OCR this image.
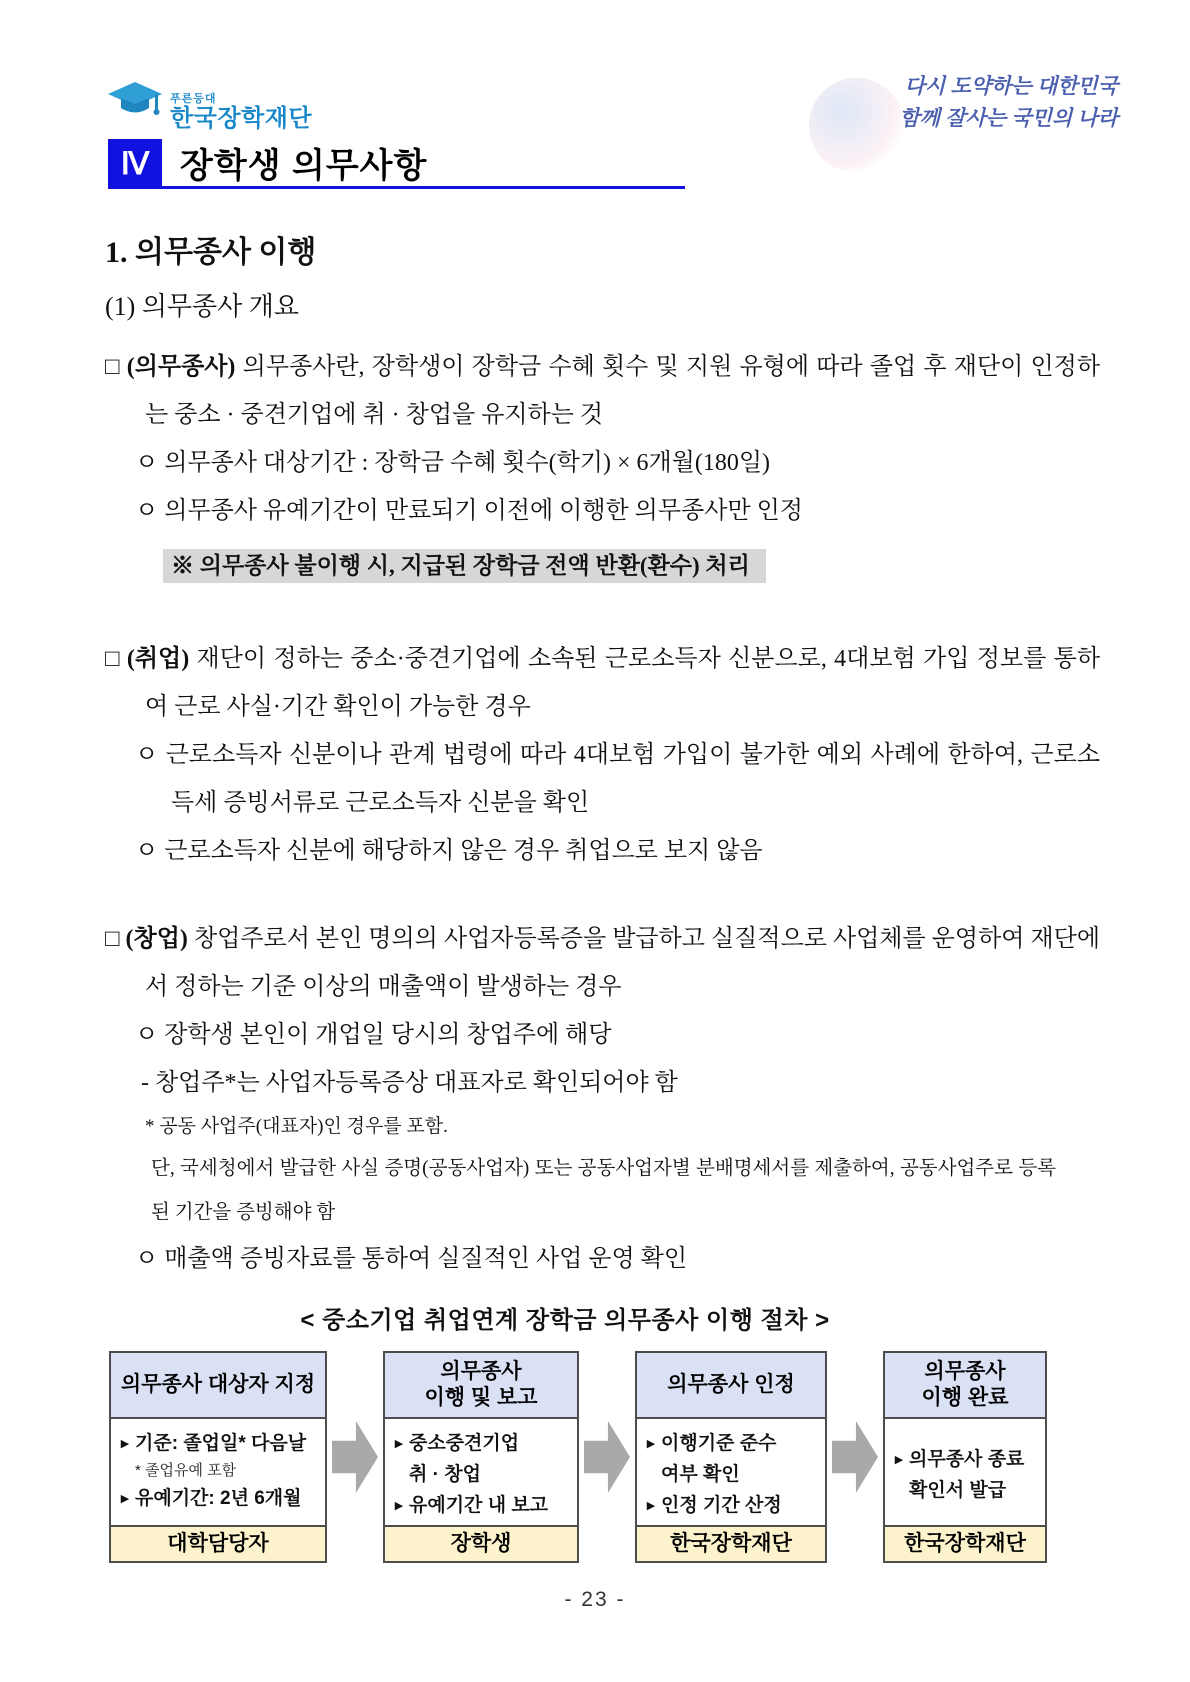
푸른등대
한국장학재단
다시 도약하는 대한민국
함께 잘사는 국민의 나라
Ⅳ 장학생 의무사항
1. 의무종사 이행
(1) 의무종사 개요
□ (의무종사) 의무종사란, 장학생이 장학금 수혜 횟수 및 지원 유형에 따라 졸업 후 재단이 인정하는 중소 · 중견기업에 취 · 창업을 유지하는 것
ㅇ 의무종사 대상기간 : 장학금 수혜 횟수(학기) × 6개월(180일)
ㅇ 의무종사 유예기간이 만료되기 이전에 이행한 의무종사만 인정
※ 의무종사 불이행 시, 지급된 장학금 전액 반환(환수) 처리
□ (취업) 재단이 정하는 중소·중견기업에 소속된 근로소득자 신분으로, 4대보험 가입 정보를 통하여 근로 사실·기간 확인이 가능한 경우
ㅇ 근로소득자 신분이나 관계 법령에 따라 4대보험 가입이 불가한 예외 사례에 한하여, 근로소득세 증빙서류로 근로소득자 신분을 확인
ㅇ 근로소득자 신분에 해당하지 않은 경우 취업으로 보지 않음
□ (창업) 창업주로서 본인 명의의 사업자등록증을 발급하고 실질적으로 사업체를 운영하여 재단에서 정하는 기준 이상의 매출액이 발생하는 경우
ㅇ 장학생 본인이 개업일 당시의 창업주에 해당
- 창업주*는 사업자등록증상 대표자로 확인되어야 함
* 공동 사업주(대표자)인 경우를 포함.
단, 국세청에서 발급한 사실 증명(공동사업자) 또는 공동사업자별 분배명세서를 제출하여, 공동사업주로 등록된 기간을 증빙해야 함
ㅇ 매출액 증빙자료를 통하여 실질적인 사업 운영 확인
< 중소기업 취업연계 장학금 의무종사 이행 절차 >
의무종사 대상자 지정
▸ 기준: 졸업일* 다음날
* 졸업유예 포함
▸ 유예기간: 2년 6개월
대학담당자
의무종사
이행 및 보고
▸ 중소중견기업
취 · 창업
▸ 유예기간 내 보고
장학생
의무종사 인정
▸ 이행기준 준수
여부 확인
▸ 인정 기간 산정
한국장학재단
의무종사
이행 완료
▸ 의무종사 종료
확인서 발급
한국장학재단
- 23 -
